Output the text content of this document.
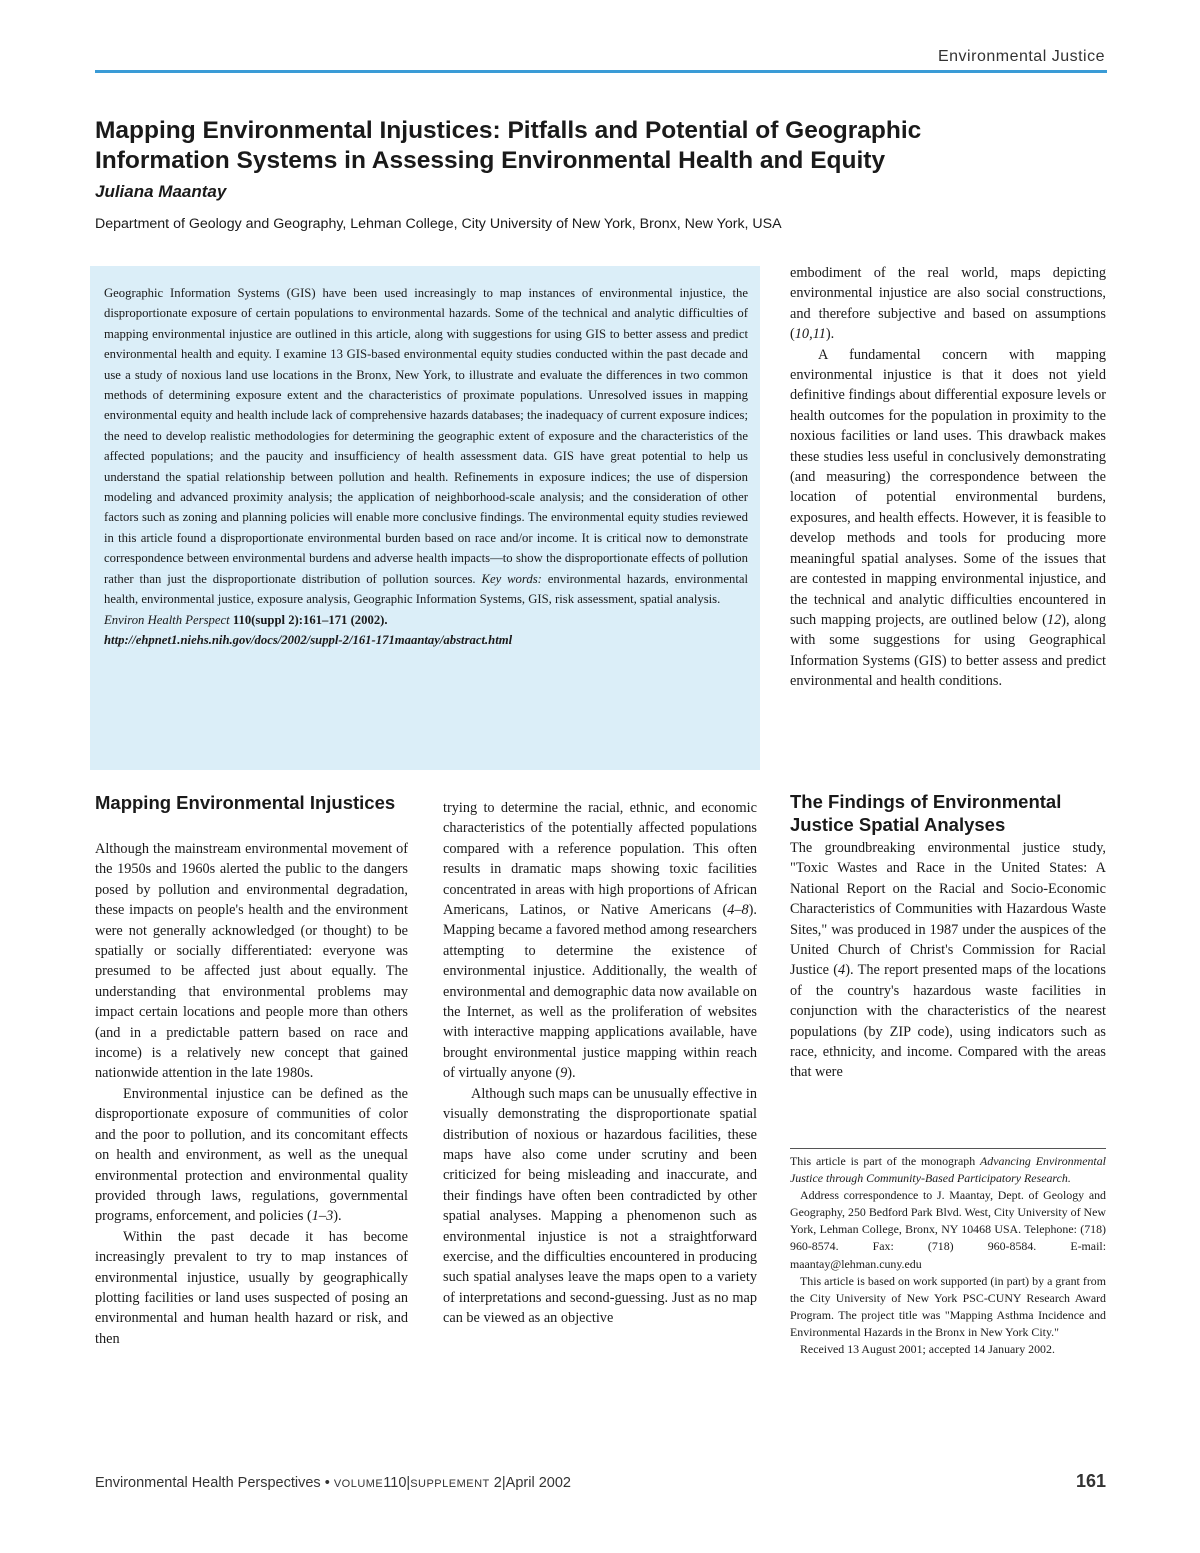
Environmental Justice
Mapping Environmental Injustices: Pitfalls and Potential of Geographic
Information Systems in Assessing Environmental Health and Equity
Juliana Maantay
Department of Geology and Geography, Lehman College, City University of New York, Bronx, New York, USA

Geographic Information Systems (GIS) have been used increasingly to map instances of environmental injustice, the disproportionate exposure of certain populations to environmental hazards. Some of the technical and analytic difficulties of mapping environmental injustice are outlined in this article, along with suggestions for using GIS to better assess and predict environmental health and equity. I examine 13 GIS-based environmental equity studies conducted within the past decade and use a study of noxious land use locations in the Bronx, New York, to illustrate and evaluate the differences in two common methods of determining exposure extent and the characteristics of proximate populations. Unresolved issues in mapping environmental equity and health include lack of comprehensive hazards databases; the inadequacy of current exposure indices; the need to develop realistic methodologies for determining the geographic extent of exposure and the characteristics of the affected populations; and the paucity and insufficiency of health assessment data. GIS have great potential to help us understand the spatial relationship between pollution and health. Refinements in exposure indices; the use of dispersion modeling and advanced proximity analysis; the application of neighborhood-scale analysis; and the consideration of other factors such as zoning and planning policies will enable more conclusive findings. The environmental equity studies reviewed in this article found a disproportionate environmental burden based on race and/or income. It is critical now to demonstrate correspondence between environmental burdens and adverse health impacts—to show the disproportionate effects of pollution rather than just the disproportionate distribution of pollution sources. Key words: environmental hazards, environmental health, environmental justice, exposure analysis, Geographic Information Systems, GIS, risk assessment, spatial analysis.

Environ Health Perspect 110(suppl 2):161–171 (2002).

http://ehpnet1.niehs.nih.gov/docs/2002/suppl-2/161-171maantay/abstract.html

Mapping Environmental Injustices

Although the mainstream environmental movement of the 1950s and 1960s alerted the public to the dangers posed by pollution and environmental degradation, these impacts on people's health and the environment were not generally acknowledged (or thought) to be spatially or socially differentiated: everyone was presumed to be affected just about equally. The understanding that environmental problems may impact certain locations and people more than others (and in a predictable pattern based on race and income) is a relatively new concept that gained nationwide attention in the late 1980s.

Environmental injustice can be defined as the disproportionate exposure of communities of color and the poor to pollution, and its concomitant effects on health and environment, as well as the unequal environmental protection and environmental quality provided through laws, regulations, governmental programs, enforcement, and policies (1–3).

Within the past decade it has become increasingly prevalent to try to map instances of environmental injustice, usually by geographically plotting facilities or land uses suspected of posing an environmental and human health hazard or risk, and then

trying to determine the racial, ethnic, and economic characteristics of the potentially affected populations compared with a reference population. This often results in dramatic maps showing toxic facilities concentrated in areas with high proportions of African Americans, Latinos, or Native Americans (4–8). Mapping became a favored method among researchers attempting to determine the existence of environmental injustice. Additionally, the wealth of environmental and demographic data now available on the Internet, as well as the proliferation of websites with interactive mapping applications available, have brought environmental justice mapping within reach of virtually anyone (9).

Although such maps can be unusually effective in visually demonstrating the disproportionate spatial distribution of noxious or hazardous facilities, these maps have also come under scrutiny and been criticized for being misleading and inaccurate, and their findings have often been contradicted by other spatial analyses. Mapping a phenomenon such as environmental injustice is not a straightforward exercise, and the difficulties encountered in producing such spatial analyses leave the maps open to a variety of interpretations and second-guessing. Just as no map can be viewed as an objective

embodiment of the real world, maps depicting environmental injustice are also social constructions, and therefore subjective and based on assumptions (10,11).

A fundamental concern with mapping environmental injustice is that it does not yield definitive findings about differential exposure levels or health outcomes for the population in proximity to the noxious facilities or land uses. This drawback makes these studies less useful in conclusively demonstrating (and measuring) the correspondence between the location of potential environmental burdens, exposures, and health effects. However, it is feasible to develop methods and tools for producing more meaningful spatial analyses. Some of the issues that are contested in mapping environmental injustice, and the technical and analytic difficulties encountered in such mapping projects, are outlined below (12), along with some suggestions for using Geographical Information Systems (GIS) to better assess and predict environmental and health conditions.

The Findings of Environmental Justice Spatial Analyses

The groundbreaking environmental justice study, "Toxic Wastes and Race in the United States: A National Report on the Racial and Socio-Economic Characteristics of Communities with Hazardous Waste Sites," was produced in 1987 under the auspices of the United Church of Christ's Commission for Racial Justice (4). The report presented maps of the locations of the country's hazardous waste facilities in conjunction with the characteristics of the nearest populations (by ZIP code), using indicators such as race, ethnicity, and income. Compared with the areas that were

This article is part of the monograph Advancing Environmental Justice through Community-Based Participatory Research.

Address correspondence to J. Maantay, Dept. of Geology and Geography, 250 Bedford Park Blvd. West, City University of New York, Lehman College, Bronx, NY 10468 USA. Telephone: (718) 960-8574. Fax: (718) 960-8584. E-mail: maantay@lehman.cuny.edu

This article is based on work supported (in part) by a grant from the City University of New York PSC-CUNY Research Award Program. The project title was "Mapping Asthma Incidence and Environmental Hazards in the Bronx in New York City."

Received 13 August 2001; accepted 14 January 2002.

Environmental Health Perspectives • VOLUME110|SUPPLEMENT 2|April 2002	161
